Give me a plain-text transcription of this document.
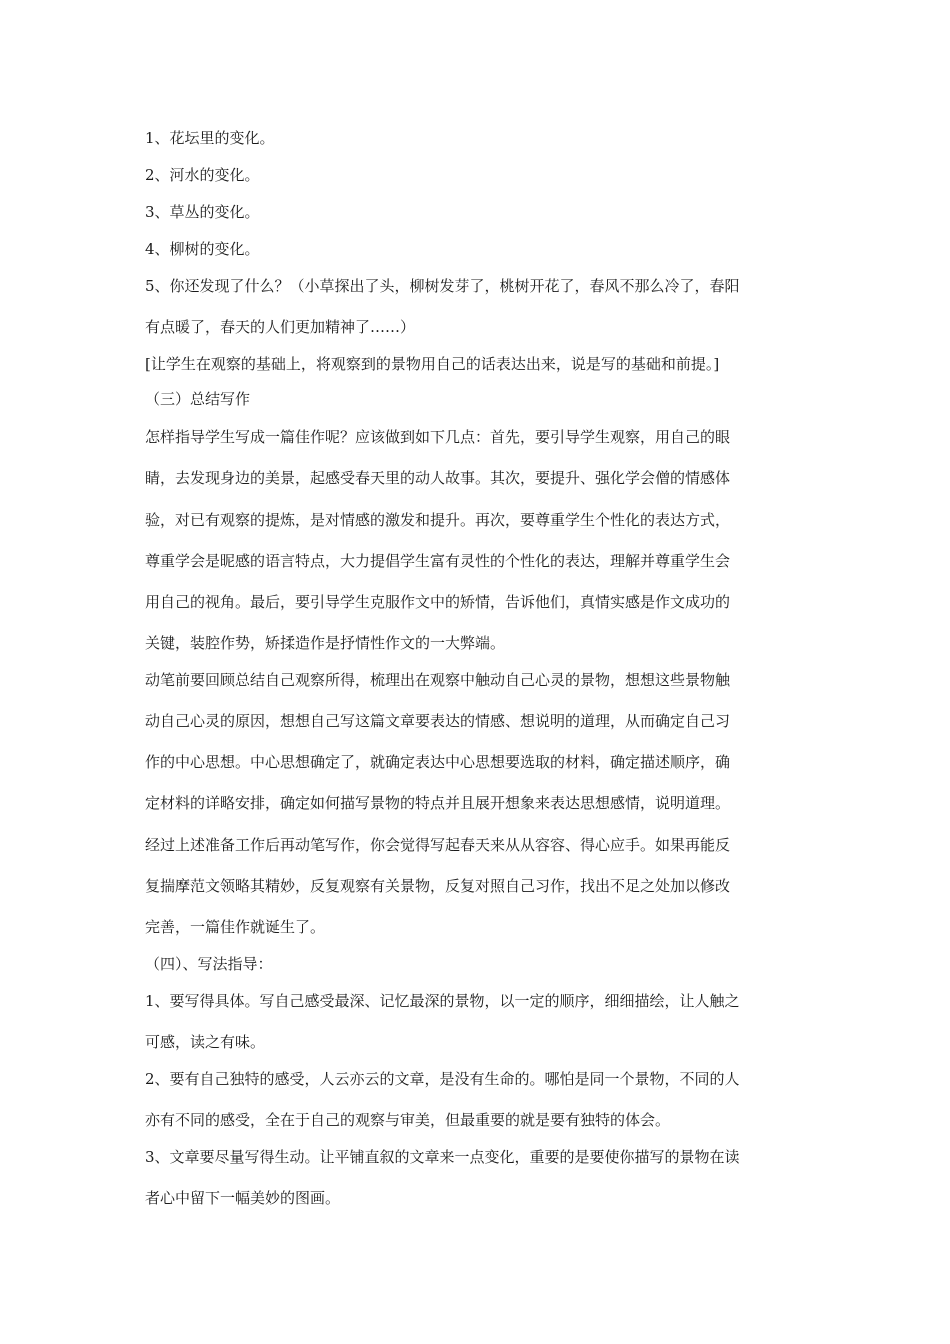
1、花坛里的变化。
2、河水的变化。
3、草丛的变化。
4、柳树的变化。
5、你还发现了什么？（小草探出了头，柳树发芽了，桃树开花了，春风不那么冷了，春阳
有点暖了，春天的人们更加精神了……）
[让学生在观察的基础上，将观察到的景物用自己的话表达出来，说是写的基础和前提。]
（三）总结写作
怎样指导学生写成一篇佳作呢？应该做到如下几点：首先，要引导学生观察，用自己的眼
睛，去发现身边的美景，起感受春天里的动人故事。其次，要提升、强化学会僧的情感体
验，对已有观察的提炼，是对情感的激发和提升。再次，要尊重学生个性化的表达方式，
尊重学会是昵感的语言特点，大力提倡学生富有灵性的个性化的表达，理解并尊重学生会
用自己的视角。最后，要引导学生克服作文中的矫情，告诉他们，真情实感是作文成功的
关键，装腔作势，矫揉造作是抒情性作文的一大弊端。
动笔前要回顾总结自己观察所得，梳理出在观察中触动自己心灵的景物，想想这些景物触
动自己心灵的原因，想想自己写这篇文章要表达的情感、想说明的道理，从而确定自己习
作的中心思想。中心思想确定了，就确定表达中心思想要选取的材料，确定描述顺序，确
定材料的详略安排，确定如何描写景物的特点并且展开想象来表达思想感情，说明道理。
经过上述准备工作后再动笔写作，你会觉得写起春天来从从容容、得心应手。如果再能反
复揣摩范文领略其精妙，反复观察有关景物，反复对照自己习作，找出不足之处加以修改
完善，一篇佳作就诞生了。
（四）、写法指导：
1、要写得具体。写自己感受最深、记忆最深的景物，以一定的顺序，细细描绘，让人触之
可感，读之有味。
2、要有自己独特的感受，人云亦云的文章，是没有生命的。哪怕是同一个景物，不同的人
亦有不同的感受，全在于自己的观察与审美，但最重要的就是要有独特的体会。
3、文章要尽量写得生动。让平铺直叙的文章来一点变化，重要的是要使你描写的景物在读
者心中留下一幅美妙的图画。
